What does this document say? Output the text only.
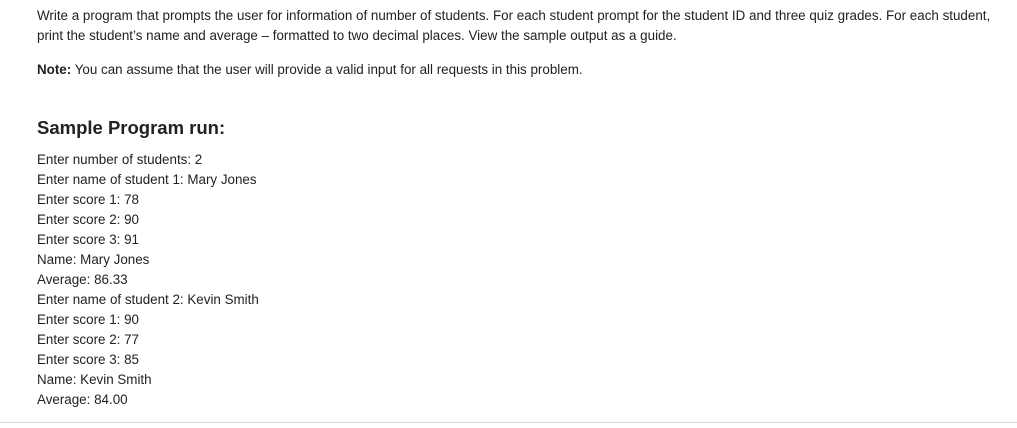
Write a program that prompts the user for information of number of students. For each student prompt for the student ID and three quiz grades. For each student, print the student’s name and average – formatted to two decimal places. View the sample output as a guide.

Note: You can assume that the user will provide a valid input for all requests in this problem.

Sample Program run:
Enter number of students: 2
Enter name of student 1: Mary Jones
Enter score 1: 78
Enter score 2: 90
Enter score 3: 91
Name: Mary Jones
Average: 86.33
Enter name of student 2: Kevin Smith
Enter score 1: 90
Enter score 2: 77
Enter score 3: 85
Name: Kevin Smith
Average: 84.00
